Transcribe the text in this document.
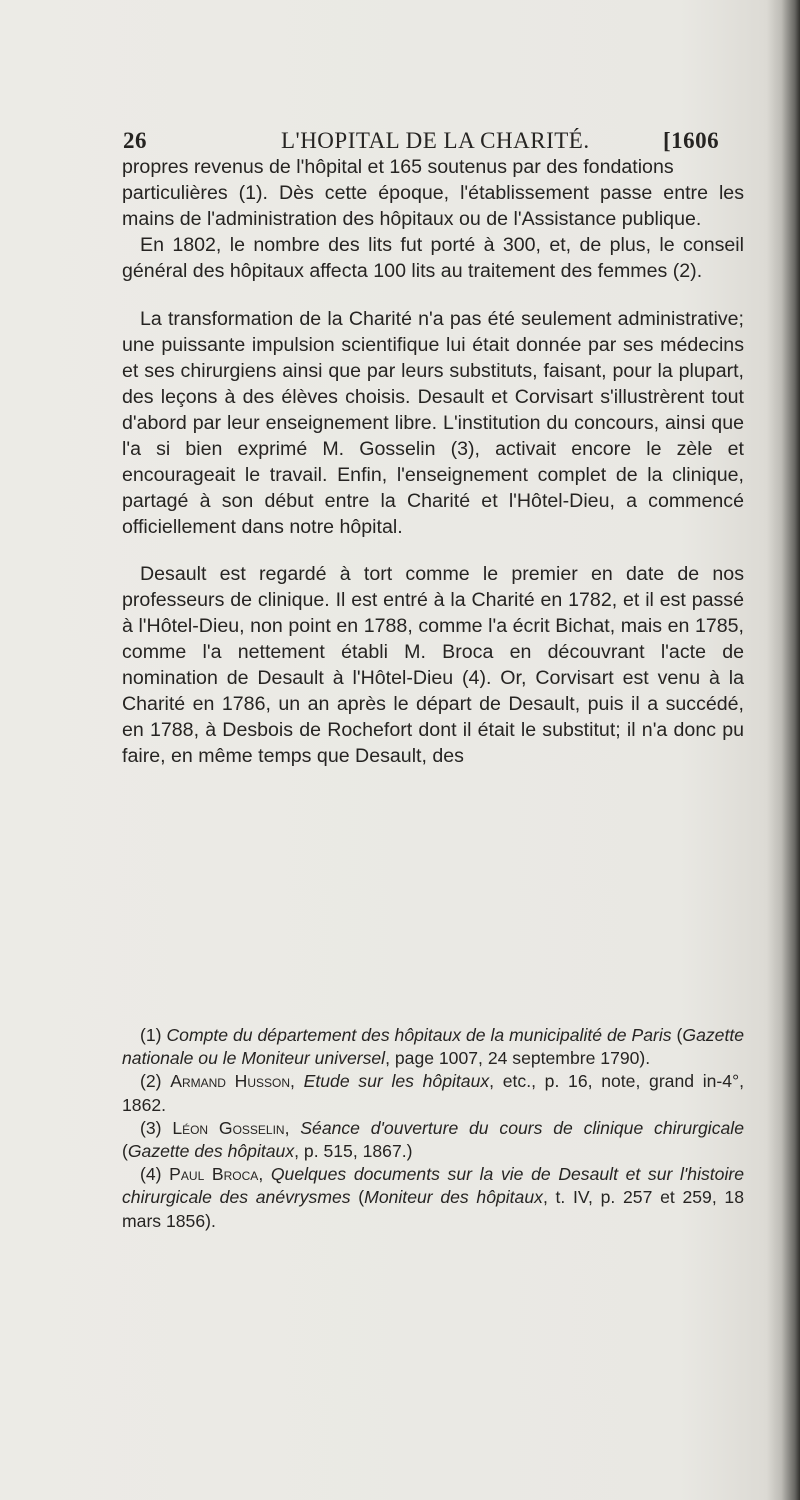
26	L'HOPITAL DE LA CHARITÉ.	[1606

propres revenus de l'hôpital et 165 soutenus par des fondations

particulières (1). Dès cette époque, l'établissement passe entre les mains de l'administration des hôpitaux ou de l'Assistance publique.

En 1802, le nombre des lits fut porté à 300, et, de plus, le conseil général des hôpitaux affecta 100 lits au traitement des femmes (2).

La transformation de la Charité n'a pas été seulement administrative; une puissante impulsion scientifique lui était donnée par ses médecins et ses chirurgiens ainsi que par leurs substituts, faisant, pour la plupart, des leçons à des élèves choisis. Desault et Corvisart s'illustrèrent tout d'abord par leur enseignement libre. L'institution du concours, ainsi que l'a si bien exprimé M. Gosselin (3), activait encore le zèle et encourageait le travail. Enfin, l'enseignement complet de la clinique, partagé à son début entre la Charité et l'Hôtel-Dieu, a commencé officiellement dans notre hôpital.

Desault est regardé à tort comme le premier en date de nos professeurs de clinique. Il est entré à la Charité en 1782, et il est passé à l'Hôtel-Dieu, non point en 1788, comme l'a écrit Bichat, mais en 1785, comme l'a nettement établi M. Broca en découvrant l'acte de nomination de Desault à l'Hôtel-Dieu (4). Or, Corvisart est venu à la Charité en 1786, un an après le départ de Desault, puis il a succédé, en 1788, à Desbois de Rochefort dont il était le substitut; il n'a donc pu faire, en même temps que Desault, des

(1) Compte du département des hôpitaux de la municipalité de Paris (Gazette nationale ou le Moniteur universel, page 1007, 24 septembre 1790).

(2) Armand Husson, Etude sur les hôpitaux, etc., p. 16, note, grand in-4°, 1862.

(3) Léon Gosselin, Séance d'ouverture du cours de clinique chirurgicale (Gazette des hôpitaux, p. 515, 1867.)

(4) Paul Broca, Quelques documents sur la vie de Desault et sur l'histoire chirurgicale des anévrysmes (Moniteur des hôpitaux, t. IV, p. 257 et 259, 18 mars 1856).
